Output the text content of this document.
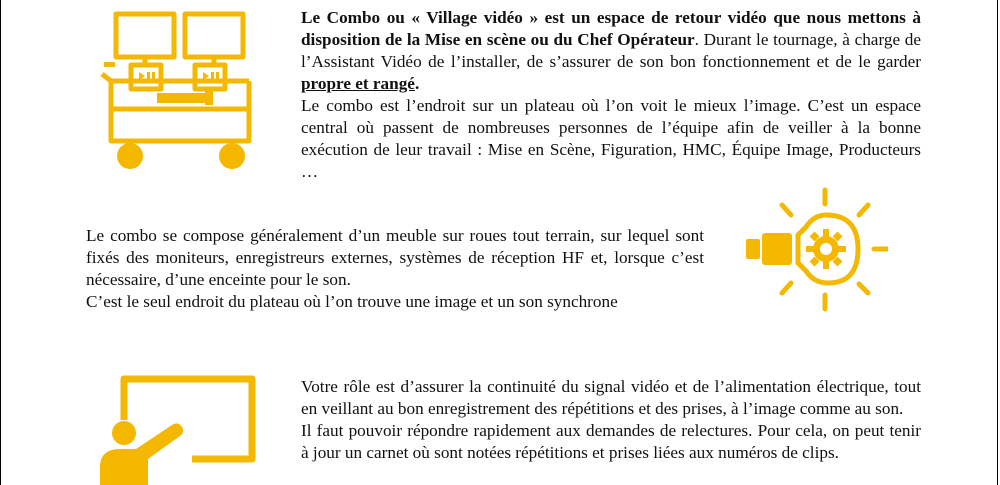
Le Combo ou « Village vidéo » est un espace de retour vidéo que nous mettons à disposition de la Mise en scène ou du Chef Opérateur. Durant le tournage, à charge de l’Assistant Vidéo de l’installer, de s’assurer de son bon fonctionnement et de le garder propre et rangé.

Le combo est l’endroit sur un plateau où l’on voit le mieux l’image. C’est un espace central où passent de nombreuses personnes de l’équipe afin de veiller à la bonne exécution de leur travail : Mise en Scène, Figuration, HMC, Équipe Image, Producteurs …

Le combo se compose généralement d’un meuble sur roues tout terrain, sur lequel sont fixés des moniteurs, enregistreurs externes, systèmes de réception HF et, lorsque c’est nécessaire, d’une enceinte pour le son.

C’est le seul endroit du plateau où l’on trouve une image et un son synchrone

Votre rôle est d’assurer la continuité du signal vidéo et de l’alimentation électrique, tout en veillant au bon enregistrement des répétitions et des prises, à l’image comme au son.

Il faut pouvoir répondre rapidement aux demandes de relectures. Pour cela, on peut tenir à jour un carnet où sont notées répétitions et prises liées aux numéros de clips.
